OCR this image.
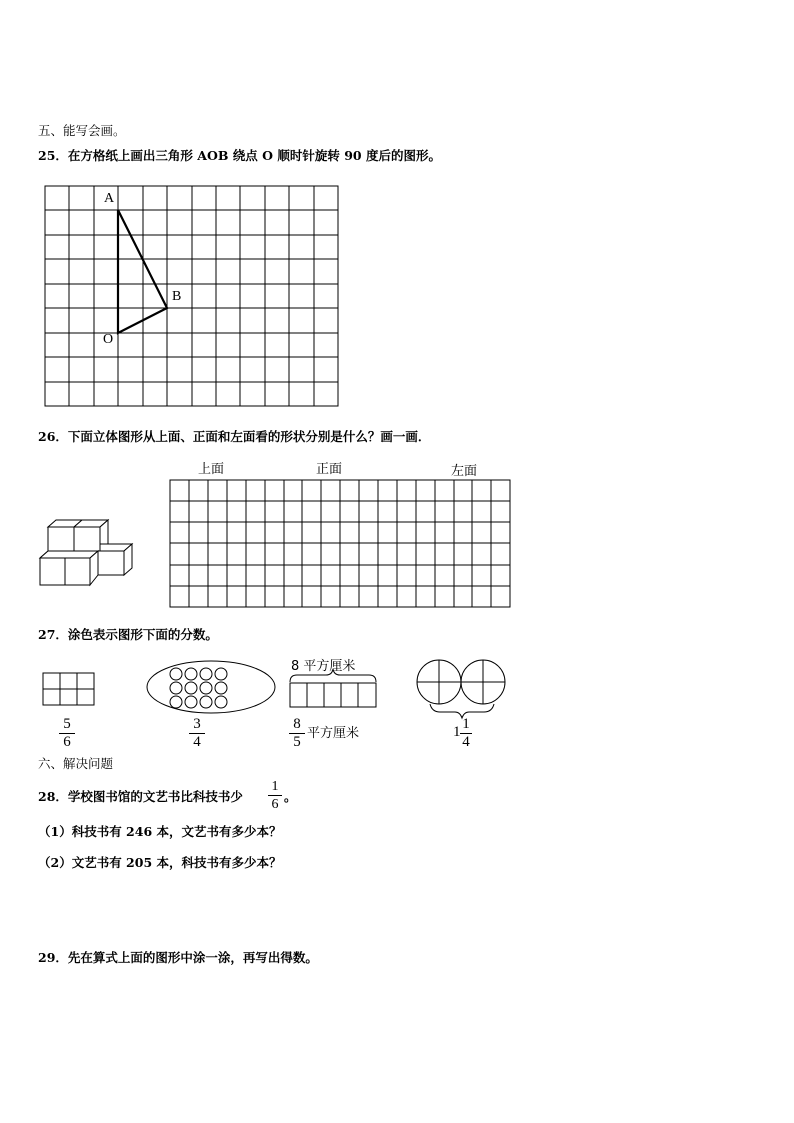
五、能写会画。
25．在方格纸上画出三角形 AOB 绕点 O 顺时针旋转 90 度后的图形。
A
B
O
26．下面立体图形从上面、正面和左面看的形状分别是什么？画一画．
上面	正面	左面
27．涂色表示图形下面的分数。
$\frac{5}{6}$	$\frac{3}{4}$
8 平方厘米
$\frac{8}{5}$ 平方厘米	$1 \frac{1}{4}$
六、解决问题
28．学校图书馆的文艺书比科技书少 $\frac{1}{6}$ 。
（1）科技书有 246 本，文艺书有多少本？
（2）文艺书有 205 本，科技书有多少本？
29．先在算式上面的图形中涂一涂，再写出得数。
